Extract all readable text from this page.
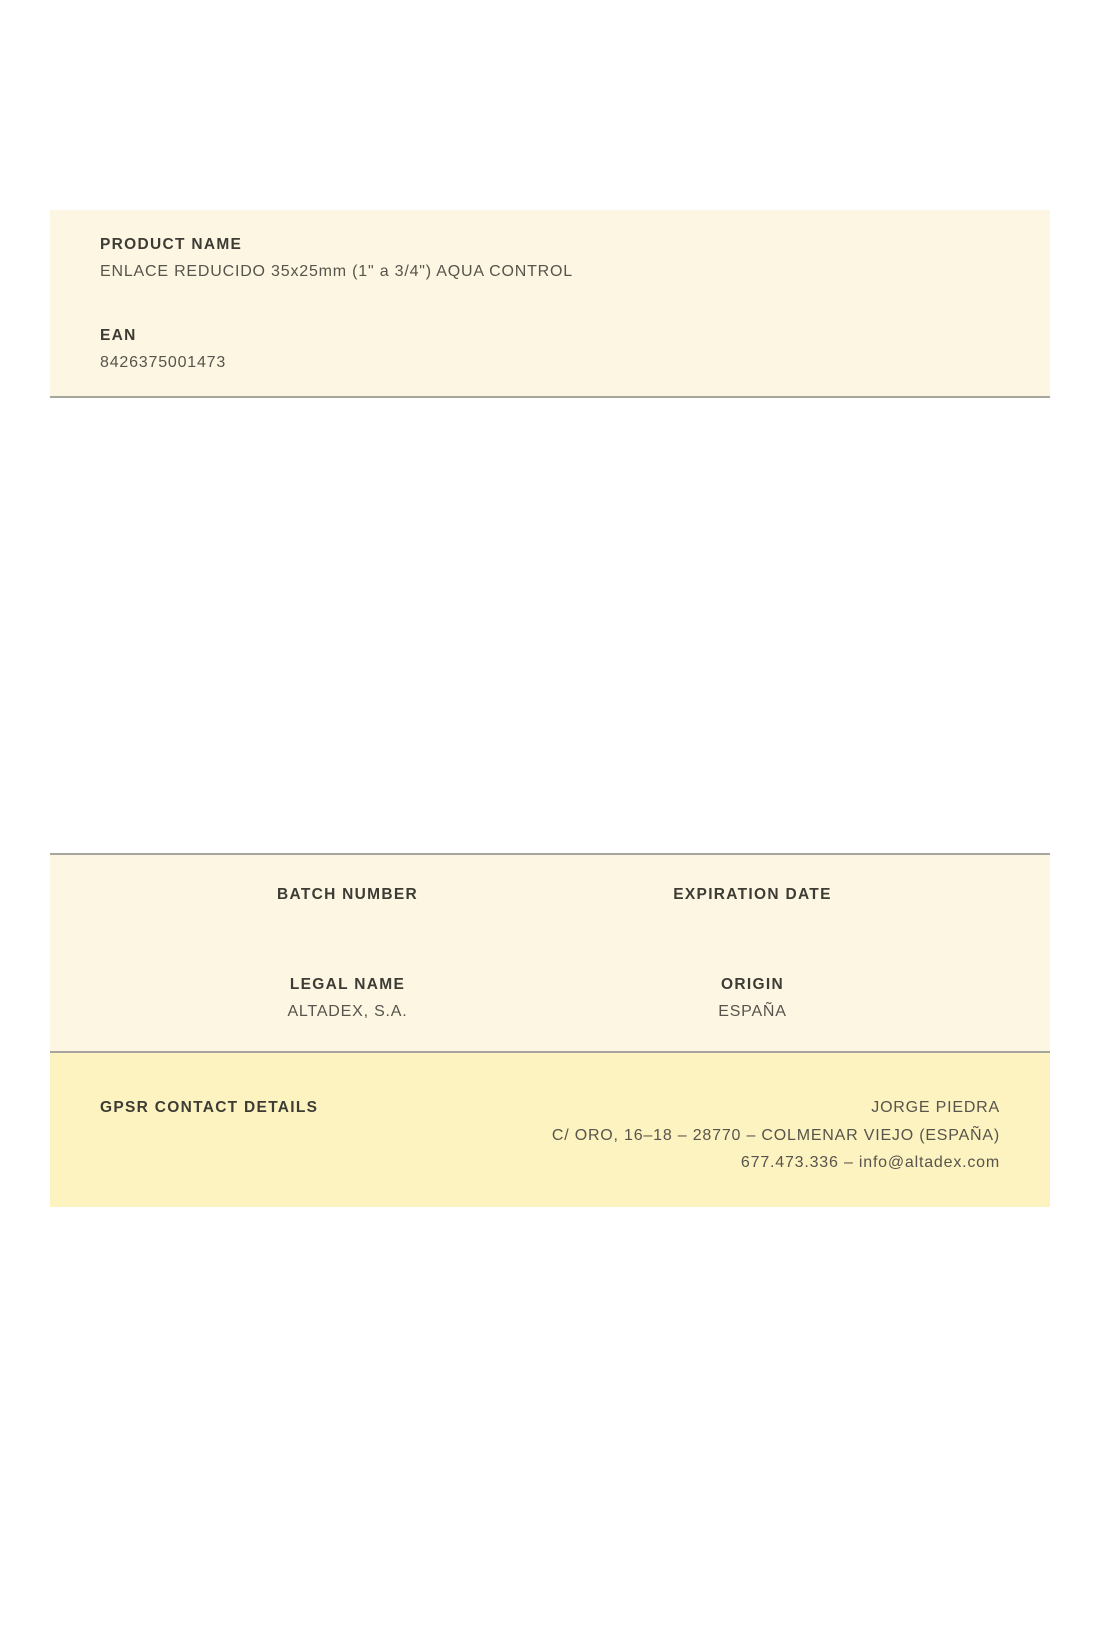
PRODUCT NAME
ENLACE REDUCIDO 35x25mm (1" a 3/4") AQUA CONTROL
EAN
8426375001473
BATCH NUMBER	EXPIRATION DATE
LEGAL NAME	ORIGIN
ALTADEX, S.A.	ESPAÑA
GPSR CONTACT DETAILS	JORGE PIEDRA

C/ ORO, 16–18 – 28770 – COLMENAR VIEJO (ESPAÑA)

677.473.336 – info@altadex.com
